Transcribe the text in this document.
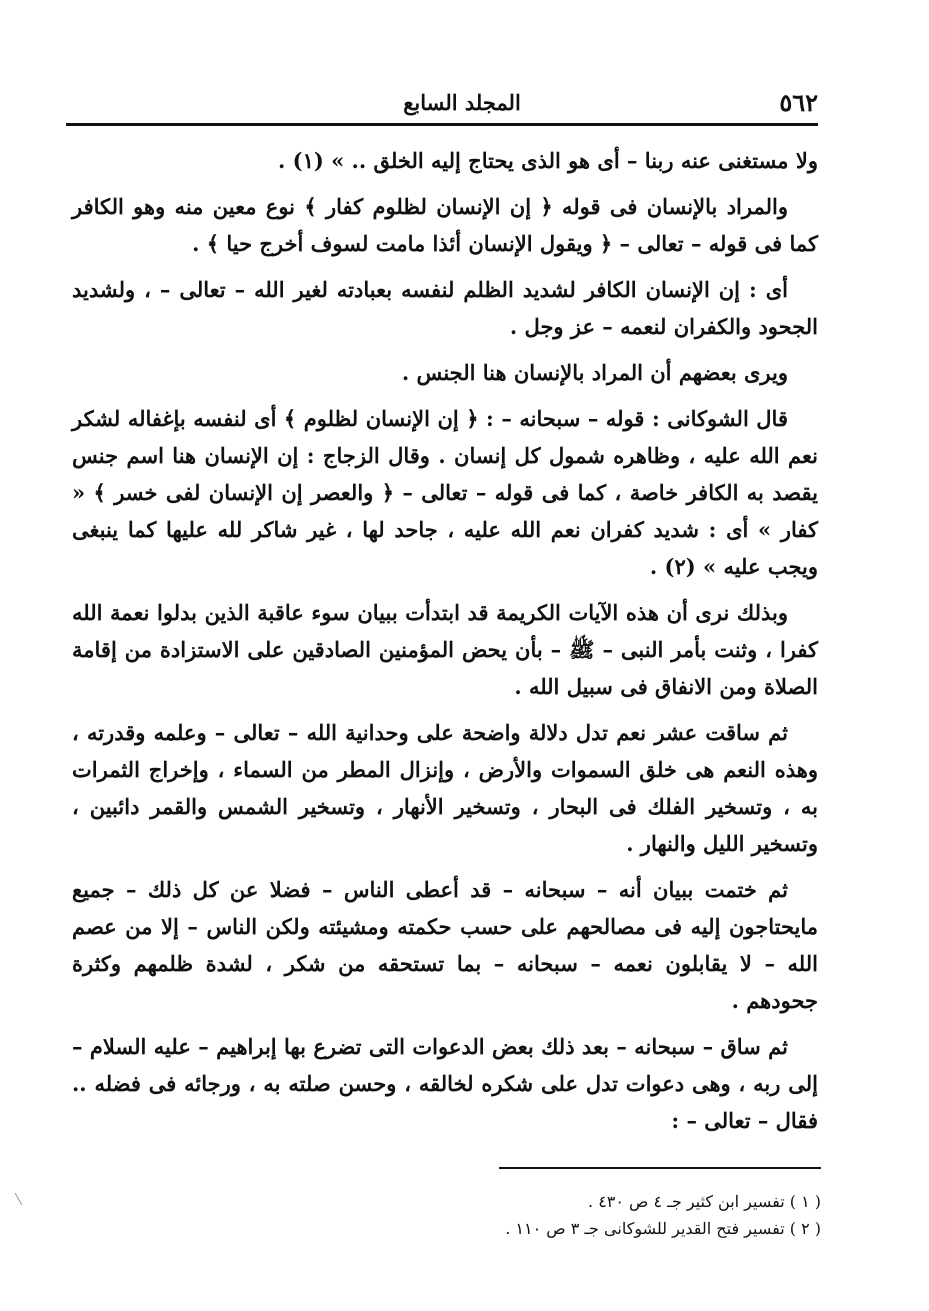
٥٦٢
المجلد السابع

ولا مستغنى عنه ربنا – أى هو الذى يحتاج إليه الخلق .. » (١) .

والمراد بالإنسان فى قوله ﴿ إن الإنسان لظلوم كفار ﴾ نوع معين منه وهو الكافر كما فى قوله – تعالى – ﴿ ويقول الإنسان أئذا مامت لسوف أخرج حيا ﴾ .

أى : إن الإنسان الكافر لشديد الظلم لنفسه بعبادته لغير الله – تعالى – ، ولشديد الجحود والكفران لنعمه – عز وجل .

ويرى بعضهم أن المراد بالإنسان هنا الجنس .

قال الشوكانى : قوله – سبحانه – : ﴿ إن الإنسان لظلوم ﴾ أى لنفسه بإغفاله لشكر نعم الله عليه ، وظاهره شمول كل إنسان . وقال الزجاج : إن الإنسان هنا اسم جنس يقصد به الكافر خاصة ، كما فى قوله – تعالى – ﴿ والعصر إن الإنسان لفى خسر ﴾ « كفار » أى : شديد كفران نعم الله عليه ، جاحد لها ، غير شاكر لله عليها كما ينبغى ويجب عليه » (٢) .

وبذلك نرى أن هذه الآيات الكريمة قد ابتدأت ببيان سوء عاقبة الذين بدلوا نعمة الله كفرا ، وثنت بأمر النبى – ﷺ – بأن يحض المؤمنين الصادقين على الاستزادة من إقامة الصلاة ومن الانفاق فى سبيل الله .

ثم ساقت عشر نعم تدل دلالة واضحة على وحدانية الله – تعالى – وعلمه وقدرته ، وهذه النعم هى خلق السموات والأرض ، وإنزال المطر من السماء ، وإخراج الثمرات به ، وتسخير الفلك فى البحار ، وتسخير الأنهار ، وتسخير الشمس والقمر دائبين ، وتسخير الليل والنهار .

ثم ختمت ببيان أنه – سبحانه – قد أعطى الناس – فضلا عن كل ذلك – جميع مايحتاجون إليه فى مصالحهم على حسب حكمته ومشيئته ولكن الناس – إلا من عصم الله – لا يقابلون نعمه – سبحانه – بما تستحقه من شكر ، لشدة ظلمهم وكثرة جحودهم .

ثم ساق – سبحانه – بعد ذلك بعض الدعوات التى تضرع بها إبراهيم – عليه السلام – إلى ربه ، وهى دعوات تدل على شكره لخالقه ، وحسن صلته به ، ورجائه فى فضله .. فقال – تعالى – :

( ١ ) تفسير ابن كثير جـ ٤ ص ٤٣٠ .
( ٢ ) تفسير فتح القدير للشوكانى جـ ٣ ص ١١٠ .
